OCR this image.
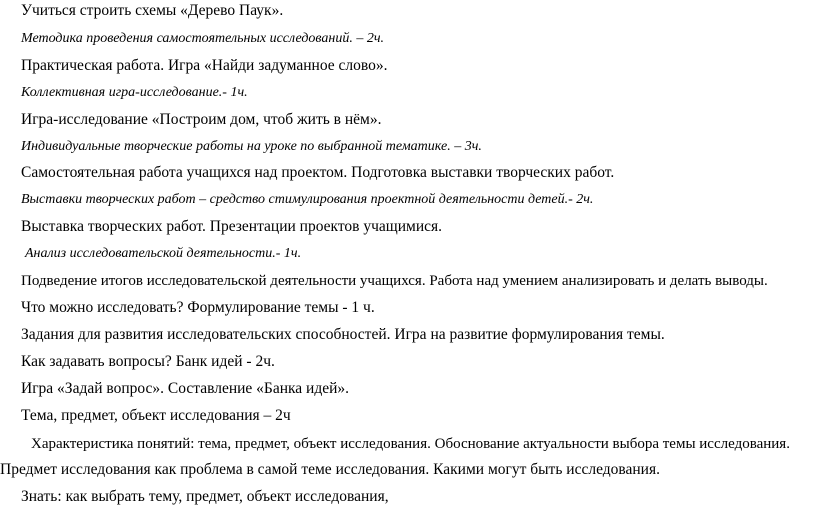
Учиться строить схемы «Дерево Паук».

Методика проведения самостоятельных исследований. – 2ч.

Практическая работа. Игра «Найди задуманное слово».

Коллективная игра-исследование.- 1ч.

Игра-исследование «Построим дом, чтоб жить в нём».

Индивидуальные творческие работы на уроке по выбранной тематике. – 3ч.

Самостоятельная работа учащихся над проектом. Подготовка выставки творческих работ.

Выставки творческих работ – средство стимулирования проектной деятельности детей.- 2ч.

Выставка творческих работ. Презентации проектов учащимися.

Анализ исследовательской деятельности.- 1ч.

Подведение итогов исследовательской деятельности учащихся. Работа над умением анализировать и делать выводы.

Что можно исследовать? Формулирование темы - 1 ч.

Задания для развития исследовательских способностей. Игра на развитие формулирования темы.

Как задавать вопросы? Банк идей - 2ч.

Игра «Задай вопрос». Составление «Банка идей».

Тема, предмет, объект исследования – 2ч

Характеристика понятий: тема, предмет, объект исследования. Обоснование актуальности выбора темы исследования.

Предмет исследования как проблема в самой теме исследования. Какими могут быть исследования.

Знать: как выбрать тему, предмет, объект исследования,
